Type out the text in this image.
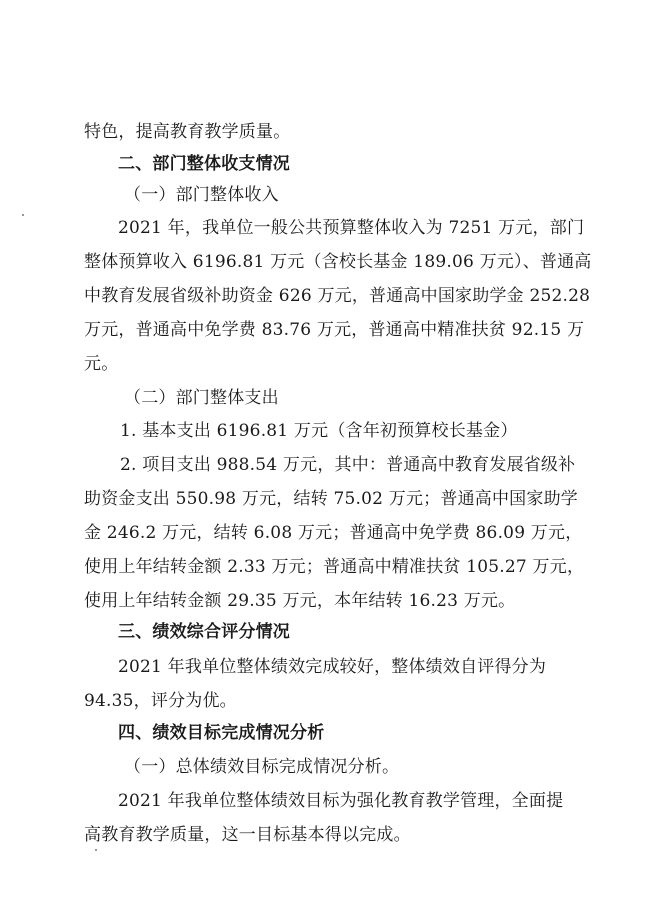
特色，提高教育教学质量。
二、部门整体收支情况
（一）部门整体收入
2021 年，我单位一般公共预算整体收入为 7251 万元，部门
整体预算收入 6196.81 万元（含校长基金 189.06 万元）、普通高
中教育发展省级补助资金 626 万元，普通高中国家助学金 252.28
万元，普通高中免学费 83.76 万元，普通高中精准扶贫 92.15 万
元。
（二）部门整体支出
1. 基本支出 6196.81 万元（含年初预算校长基金）
2. 项目支出 988.54 万元，其中：普通高中教育发展省级补
助资金支出 550.98 万元，结转 75.02 万元；普通高中国家助学
金 246.2 万元，结转 6.08 万元；普通高中免学费 86.09 万元，
使用上年结转金额 2.33 万元；普通高中精准扶贫 105.27 万元，
使用上年结转金额 29.35 万元，本年结转 16.23 万元。
三、绩效综合评分情况
2021 年我单位整体绩效完成较好，整体绩效自评得分为
94.35，评分为优。
四、绩效目标完成情况分析
（一）总体绩效目标完成情况分析。
2021 年我单位整体绩效目标为强化教育教学管理，全面提
高教育教学质量，这一目标基本得以完成。
